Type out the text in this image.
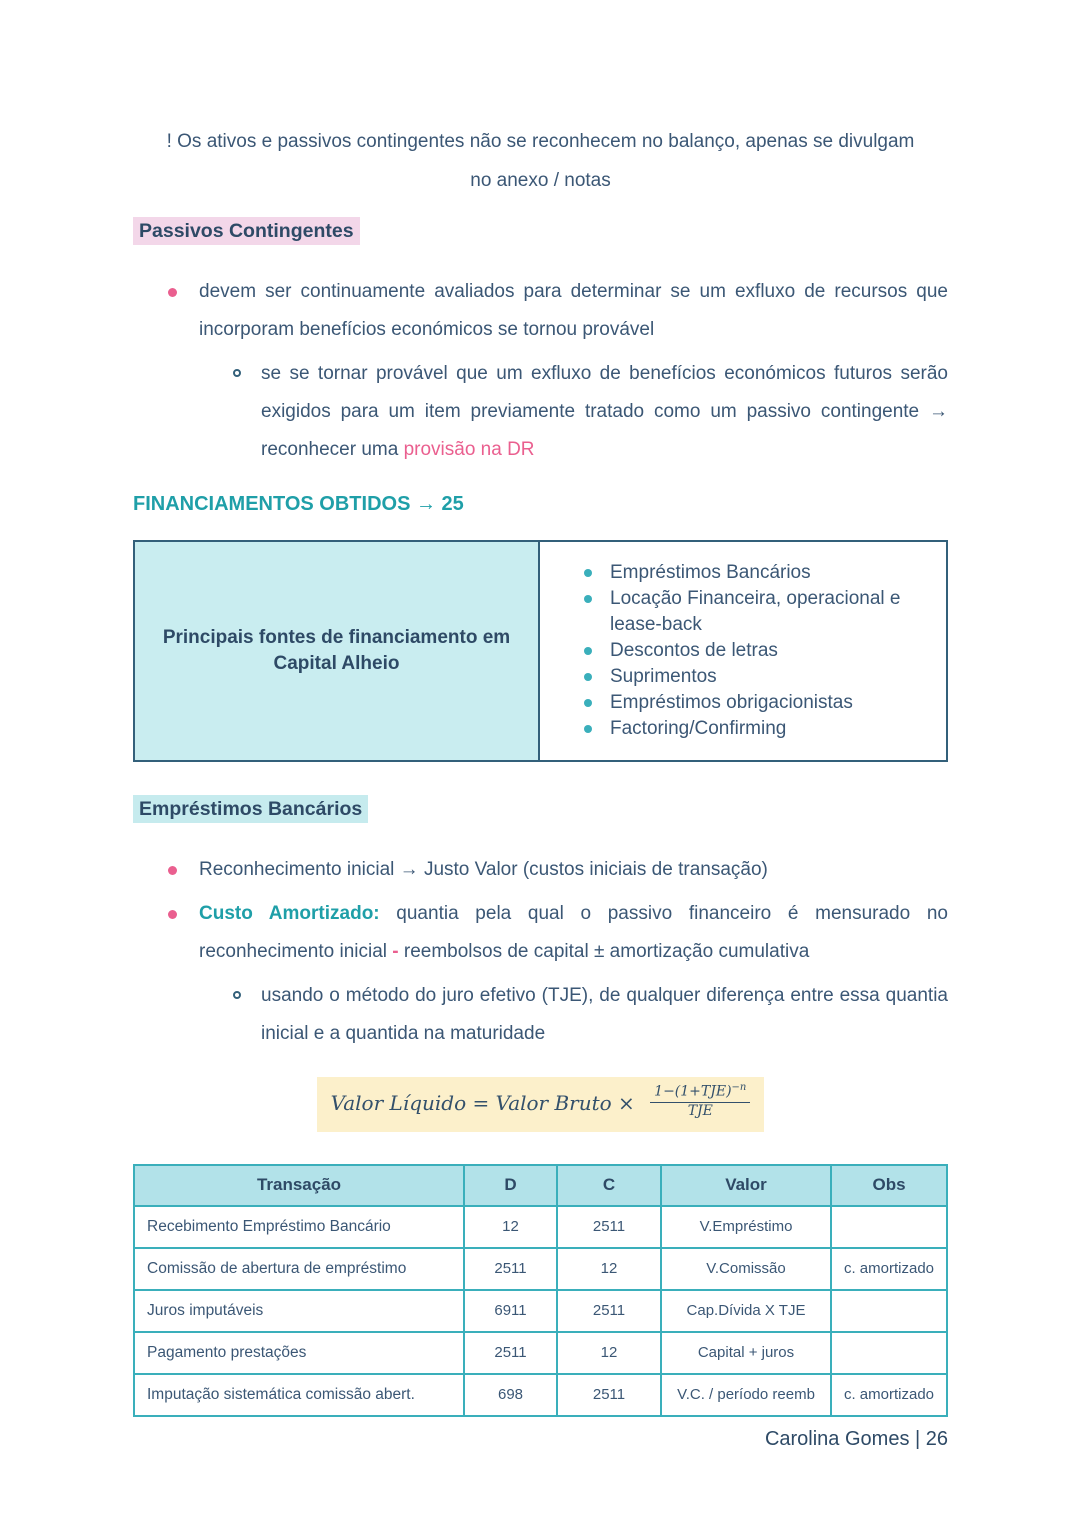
! Os ativos e passivos contingentes não se reconhecem no balanço, apenas se divulgam
no anexo / notas

Passivos Contingentes

devem ser continuamente avaliados para determinar se um exfluxo de recursos que incorporam benefícios económicos se tornou provável

se se tornar provável que um exfluxo de benefícios económicos futuros serão exigidos para um item previamente tratado como um passivo contingente → reconhecer uma provisão na DR

FINANCIAMENTOS OBTIDOS → 25

Principais fontes de financiamento em
Capital Alheio

Empréstimos Bancários

Locação Financeira, operacional e lease-back

Descontos de letras

Suprimentos

Empréstimos obrigacionistas

Factoring/Confirming

Empréstimos Bancários

Reconhecimento inicial → Justo Valor (custos iniciais de transação)

Custo Amortizado: quantia pela qual o passivo financeiro é mensurado no reconhecimento inicial - reembolsos de capital ± amortização cumulativa

usando o método do juro efetivo (TJE), de qualquer diferença entre essa quantia inicial e a quantida na maturidade

Valor Líquido = Valor Bruto × $\frac{1-(1+TJE)^{-n}}{\text{TJE}}$
Transação	D	C	Valor	Obs
Recebimento Empréstimo Bancário	12	2511	V.Empréstimo	
Comissão de abertura de empréstimo	2511	12	V.Comissão	c. amortizado
Juros imputáveis	6911	2511	Cap.Dívida X TJE	
Pagamento prestações	2511	12	Capital + juros	
Imputação sistemática comissão abert.	698	2511	V.C. / período reemb	c. amortizado
Carolina Gomes | 26
